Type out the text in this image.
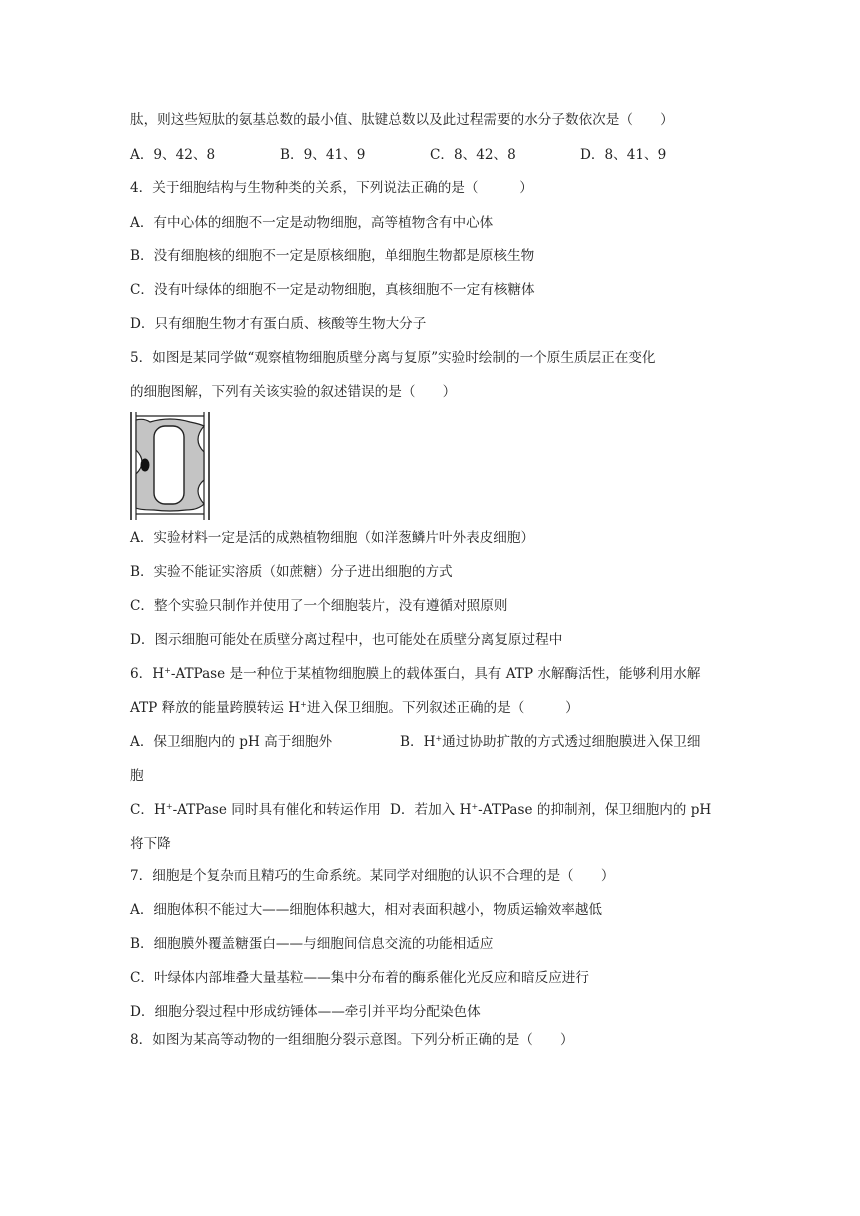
肽，则这些短肽的氨基总数的最小值、肽键总数以及此过程需要的水分子数依次是（　　）
A．9、42、8	B．9、41、9	C．8、42、8	D．8、41、9
4．关于细胞结构与生物种类的关系，下列说法正确的是（　　　）
A．有中心体的细胞不一定是动物细胞，高等植物含有中心体
B．没有细胞核的细胞不一定是原核细胞，单细胞生物都是原核生物
C．没有叶绿体的细胞不一定是动物细胞，真核细胞不一定有核糖体
D．只有细胞生物才有蛋白质、核酸等生物大分子
5．如图是某同学做“观察植物细胞质壁分离与复原”实验时绘制的一个原生质层正在变化
的细胞图解，下列有关该实验的叙述错误的是（　　）
A．实验材料一定是活的成熟植物细胞（如洋葱鳞片叶外表皮细胞）
B．实验不能证实溶质（如蔗糖）分子进出细胞的方式
C．整个实验只制作并使用了一个细胞装片，没有遵循对照原则
D．图示细胞可能处在质壁分离过程中，也可能处在质壁分离复原过程中
6．H+-ATPase 是一种位于某植物细胞膜上的载体蛋白，具有 ATP 水解酶活性，能够利用水解
ATP 释放的能量跨膜转运 H+进入保卫细胞。下列叙述正确的是（　　　）
A．保卫细胞内的 pH 高于细胞外	B．H+通过协助扩散的方式透过细胞膜进入保卫细
胞
C．H+-ATPase 同时具有催化和转运作用 D．若加入 H+-ATPase 的抑制剂，保卫细胞内的 pH
将下降
7．细胞是个复杂而且精巧的生命系统。某同学对细胞的认识不合理的是（　　）
A．细胞体积不能过大——细胞体积越大，相对表面积越小，物质运输效率越低
B．细胞膜外覆盖糖蛋白——与细胞间信息交流的功能相适应
C．叶绿体内部堆叠大量基粒——集中分布着的酶系催化光反应和暗反应进行
D．细胞分裂过程中形成纺锤体——牵引并平均分配染色体
8．如图为某高等动物的一组细胞分裂示意图。下列分析正确的是（　　）
